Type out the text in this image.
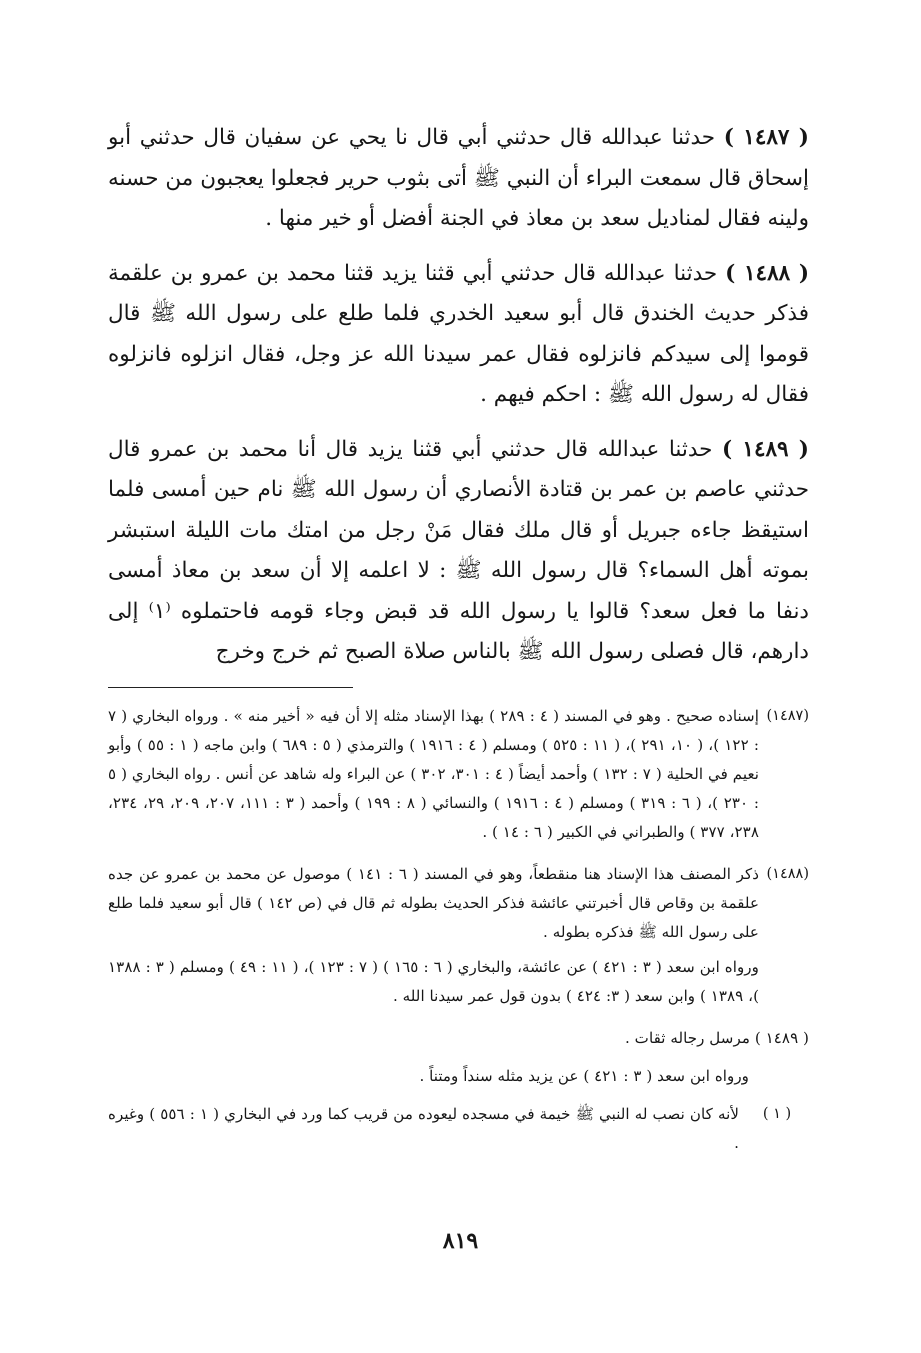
( ١٤٨٧ ) حدثنا عبدالله قال حدثني أبي قال نا يحي عن سفيان قال حدثني أبو إسحاق قال سمعت البراء أن النبي ﷺ أتى بثوب حرير فجعلوا يعجبون من حسنه ولينه فقال لمناديل سعد بن معاذ في الجنة أفضل أو خير منها .

( ١٤٨٨ ) حدثنا عبدالله قال حدثني أبي قثنا يزيد قثنا محمد بن عمرو بن علقمة فذكر حديث الخندق قال أبو سعيد الخدري فلما طلع على رسول الله ﷺ قال قوموا إلى سيدكم فانزلوه فقال عمر سيدنا الله عز وجل، فقال انزلوه فانزلوه فقال له رسول الله ﷺ : احكم فيهم .

( ١٤٨٩ ) حدثنا عبدالله قال حدثني أبي قثنا يزيد قال أنا محمد بن عمرو قال حدثني عاصم بن عمر بن قتادة الأنصاري أن رسول الله ﷺ نام حين أمسى فلما استيقظ جاءه جبريل أو قال ملك فقال مَنْ رجل من امتك مات الليلة استبشر بموته أهل السماء؟ قال رسول الله ﷺ : لا اعلمه إلا أن سعد بن معاذ أمسى دنفا ما فعل سعد؟ قالوا يا رسول الله قد قبض وجاء قومه فاحتملوه ⁽١⁾ إلى دارهم، قال فصلى رسول الله ﷺ بالناس صلاة الصبح ثم خرج وخرج

(١٤٨٧)

إسناده صحيح . وهو في المسند ( ٤ : ٢٨٩ ) بهذا الإسناد مثله إلا أن فيه « أخير منه » . ورواه البخاري ( ٧ : ١٢٢ )، ( ١٠، ٢٩١ )، ( ١١ : ٥٢٥ ) ومسلم ( ٤ : ١٩١٦ ) والترمذي ( ٥ : ٦٨٩ ) وابن ماجه ( ١ : ٥٥ ) وأبو نعيم في الحلية ( ٧ : ١٣٢ ) وأحمد أيضاً ( ٤ : ٣٠١، ٣٠٢ ) عن البراء وله شاهد عن أنس . رواه البخاري ( ٥ : ٢٣٠ )، ( ٦ : ٣١٩ ) ومسلم ( ٤ : ١٩١٦ ) والنسائي ( ٨ : ١٩٩ ) وأحمد ( ٣ : ١١١، ٢٠٧، ٢٠٩، ٢٩، ٢٣٤، ٢٣٨، ٣٧٧ ) والطبراني في الكبير ( ٦ : ١٤ ) .

(١٤٨٨)

ذكر المصنف هذا الإسناد هنا منقطعاً، وهو في المسند ( ٦ : ١٤١ ) موصول عن محمد بن عمرو عن جده علقمة بن وقاص قال أخبرتني عائشة فذكر الحديث بطوله ثم قال في (ص ١٤٢ ) قال أبو سعيد فلما طلع على رسول الله ﷺ فذكره بطوله .

ورواه ابن سعد ( ٣ : ٤٢١ ) عن عائشة، والبخاري ( ٦ : ١٦٥ ) ( ٧ : ١٢٣ )، ( ١١ : ٤٩ ) ومسلم ( ٣ : ١٣٨٨ )، ١٣٨٩ ) وابن سعد ( ٣: ٤٢٤ ) بدون قول عمر سيدنا الله .

( ١٤٨٩ ) مرسل رجاله ثقات .

ورواه ابن سعد ( ٣ : ٤٢١ ) عن يزيد مثله سنداً ومتناً .

( ١ )

لأنه كان نصب له النبي ﷺ خيمة في مسجده ليعوده من قريب كما ورد في البخاري ( ١ : ٥٥٦ ) وغيره .

٨١٩
